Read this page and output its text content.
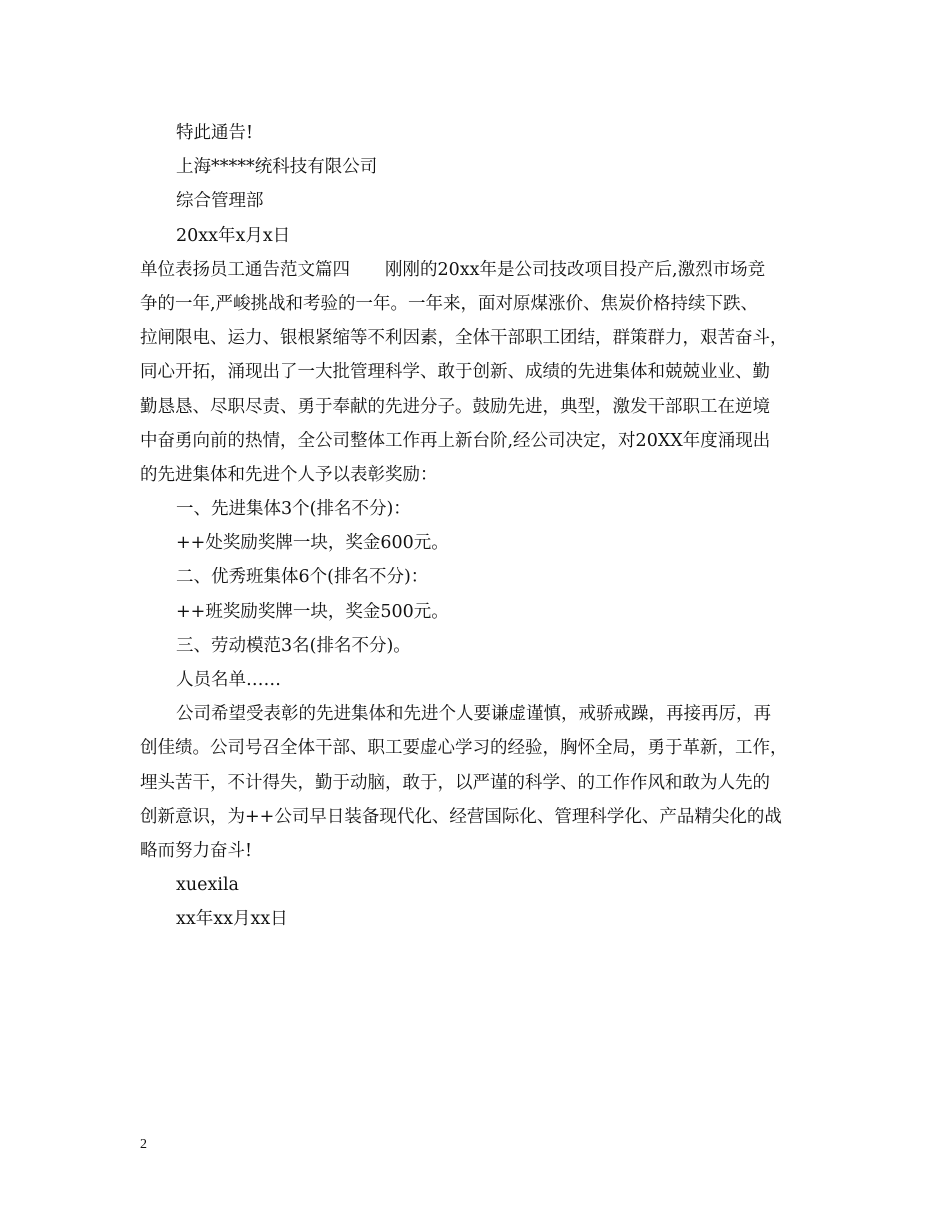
特此通告!
上海*****统科技有限公司
综合管理部
20xx年x月x日
单位表扬员工通告范文篇四　　刚刚的20xx年是公司技改项目投产后,激烈市场竞
争的一年,严峻挑战和考验的一年。一年来，面对原煤涨价、焦炭价格持续下跌、
拉闸限电、运力、银根紧缩等不利因素，全体干部职工团结，群策群力，艰苦奋斗，
同心开拓，涌现出了一大批管理科学、敢于创新、成绩的先进集体和兢兢业业、勤
勤恳恳、尽职尽责、勇于奉献的先进分子。鼓励先进，典型，激发干部职工在逆境
中奋勇向前的热情，全公司整体工作再上新台阶,经公司决定，对20XX年度涌现出
的先进集体和先进个人予以表彰奖励：
一、先进集体3个(排名不分)：
++处奖励奖牌一块，奖金600元。
二、优秀班集体6个(排名不分)：
++班奖励奖牌一块，奖金500元。
三、劳动模范3名(排名不分)。
人员名单……
公司希望受表彰的先进集体和先进个人要谦虚谨慎，戒骄戒躁，再接再厉，再
创佳绩。公司号召全体干部、职工要虚心学习的经验，胸怀全局，勇于革新，工作，
埋头苦干，不计得失，勤于动脑，敢于，以严谨的科学、的工作作风和敢为人先的
创新意识，为++公司早日装备现代化、经营国际化、管理科学化、产品精尖化的战
略而努力奋斗!
xuexila
xx年xx月xx日
2
